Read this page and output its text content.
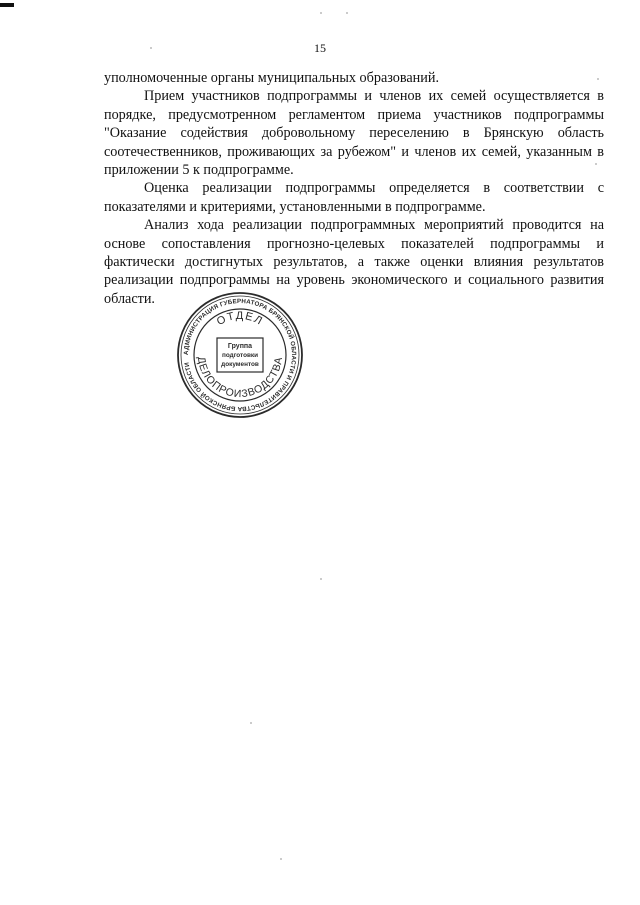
15

уполномоченные органы муниципальных образований.

Прием участников подпрограммы и членов их семей осуществляется в порядке, предусмотренном регламентом приема участников подпрограммы "Оказание содействия добровольному переселению в Брянскую область соотечественников, проживающих за рубежом" и членов их семей, указанным в приложении 5 к подпрограмме.

Оценка реализации подпрограммы определяется в соответствии с показателями и критериями, установленными в подпрограмме.

Анализ хода реализации подпрограммных мероприятий проводится на основе сопоставления прогнозно-целевых показателей подпрограммы и фактически достигнутых результатов, а также оценки влияния результатов реализации подпрограммы на уровень экономического и социального развития области.

АДМИНИСТРАЦИЯ ГУБЕРНАТОРА БРЯНСКОЙ ОБЛАСТИ И ПРАВИТЕЛЬСТВА БРЯНСКОЙ ОБЛАСТИ
ОТДЕЛ
ДЕЛОПРОИЗВОДСТВА
Группа
подготовки
документов
